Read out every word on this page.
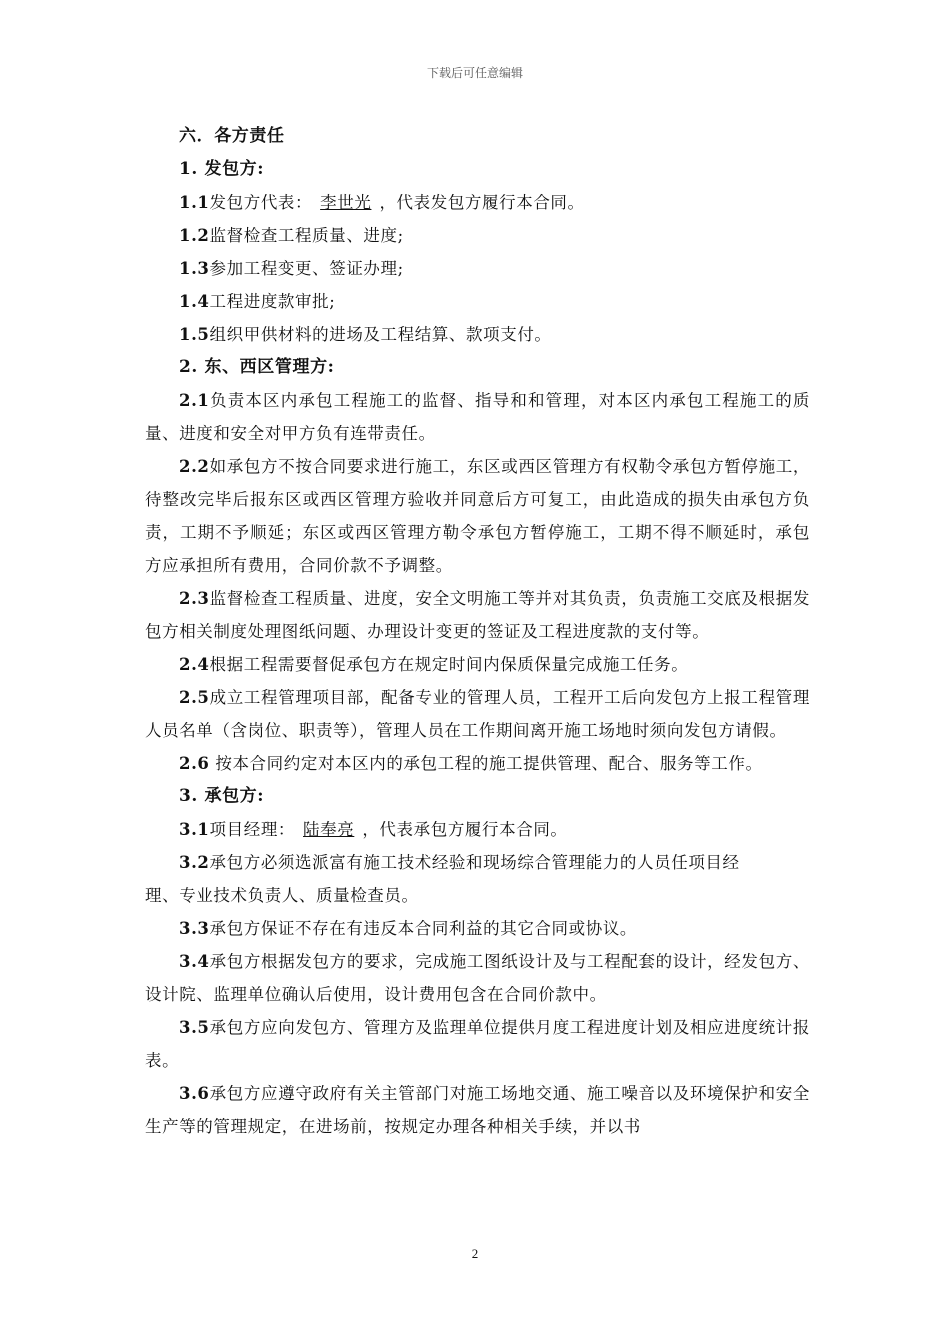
下载后可任意编辑
六．各方责任
1. 发包方:
1.1发包方代表： 李世光 ，代表发包方履行本合同。
1.2监督检查工程质量、进度;
1.3参加工程变更、签证办理;
1.4工程进度款审批;
1.5组织甲供材料的进场及工程结算、款项支付。
2. 东、西区管理方:

2.1负责本区内承包工程施工的监督、指导和和管理，对本区内承包工程施工的质量、进度和安全对甲方负有连带责任。

2.2如承包方不按合同要求进行施工，东区或西区管理方有权勒令承包方暂停施工，待整改完毕后报东区或西区管理方验收并同意后方可复工，由此造成的损失由承包方负责，工期不予顺延；东区或西区管理方勒令承包方暂停施工，工期不得不顺延时，承包方应承担所有费用，合同价款不予调整。

2.3监督检查工程质量、进度，安全文明施工等并对其负责，负责施工交底及根据发包方相关制度处理图纸问题、办理设计变更的签证及工程进度款的支付等。

2.4根据工程需要督促承包方在规定时间内保质保量完成施工任务。

2.5成立工程管理项目部，配备专业的管理人员，工程开工后向发包方上报工程管理人员名单（含岗位、职责等），管理人员在工作期间离开施工场地时须向发包方请假。

2.6 按本合同约定对本区内的承包工程的施工提供管理、配合、服务等工作。

3. 承包方:
3.1项目经理： 陆奉亮 ，代表承包方履行本合同。

3.2承包方必须选派富有施工技术经验和现场综合管理能力的人员任项目经

理、专业技术负责人、质量检查员。

3.3承包方保证不存在有违反本合同利益的其它合同或协议。

3.4承包方根据发包方的要求，完成施工图纸设计及与工程配套的设计，经发包方、设计院、监理单位确认后使用，设计费用包含在合同价款中。

3.5承包方应向发包方、管理方及监理单位提供月度工程进度计划及相应进度统计报表。

3.6承包方应遵守政府有关主管部门对施工场地交通、施工噪音以及环境保护和安全生产等的管理规定，在进场前，按规定办理各种相关手续，并以书

2
